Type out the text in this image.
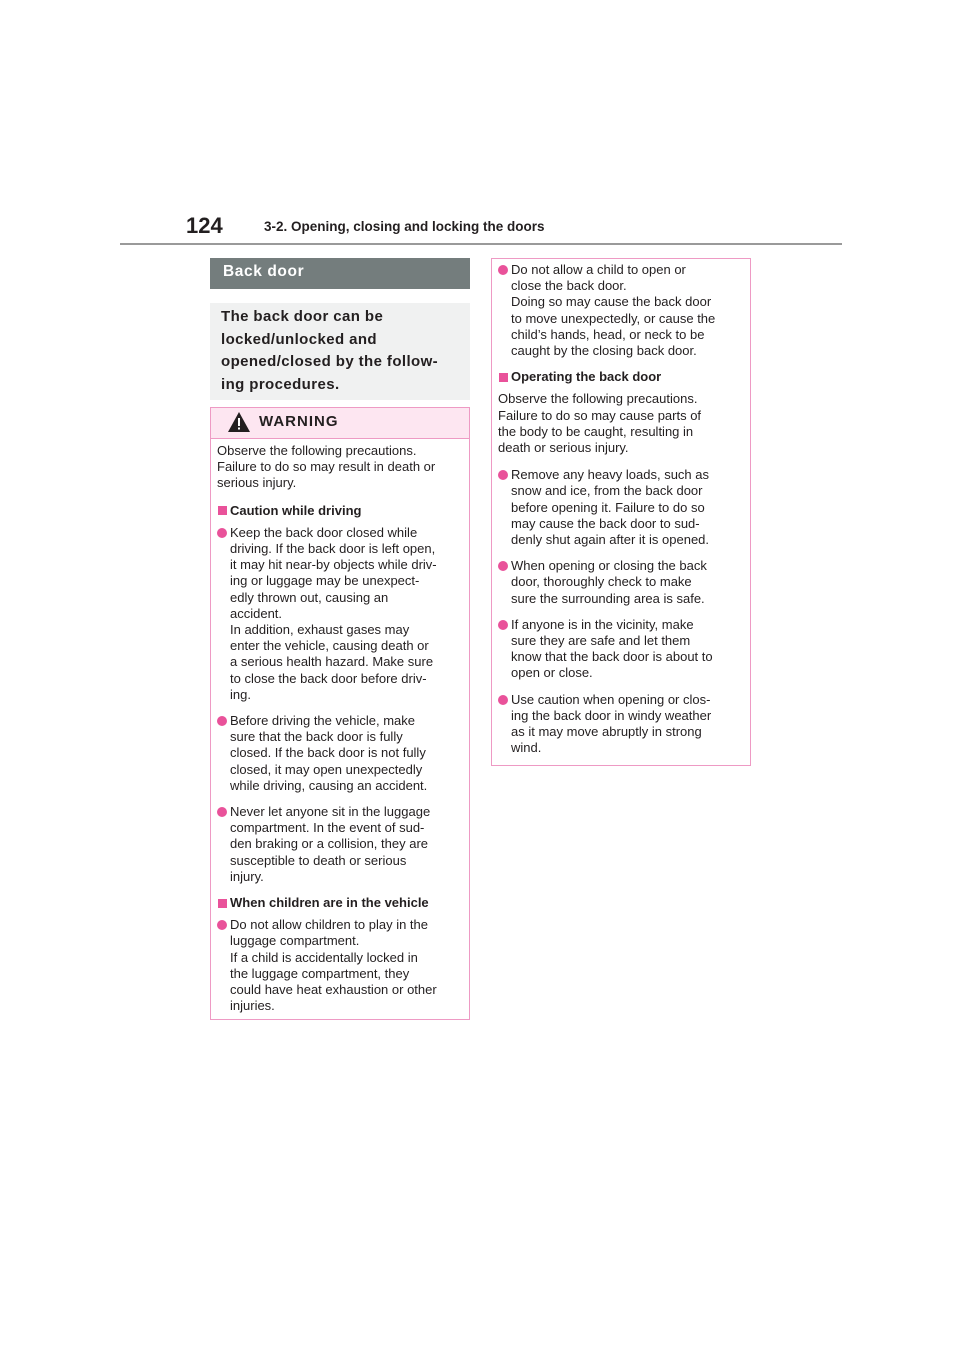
124	3-2. Opening, closing and locking the doors
Back door
The back door can be
locked/unlocked and
opened/closed by the follow-
ing procedures.
WARNING
Observe the following precautions.
Failure to do so may result in death or
serious injury.
Caution while driving
Keep the back door closed while
driving. If the back door is left open,
it may hit near-by objects while driv-
ing or luggage may be unexpect-
edly thrown out, causing an
accident.
In addition, exhaust gases may
enter the vehicle, causing death or
a serious health hazard. Make sure
to close the back door before driv-
ing.
Before driving the vehicle, make
sure that the back door is fully
closed. If the back door is not fully
closed, it may open unexpectedly
while driving, causing an accident.
Never let anyone sit in the luggage
compartment. In the event of sud-
den braking or a collision, they are
susceptible to death or serious
injury.
When children are in the vehicle
Do not allow children to play in the
luggage compartment.
If a child is accidentally locked in
the luggage compartment, they
could have heat exhaustion or other
injuries.
Do not allow a child to open or
close the back door.
Doing so may cause the back door
to move unexpectedly, or cause the
child’s hands, head, or neck to be
caught by the closing back door.
Operating the back door
Observe the following precautions.
Failure to do so may cause parts of
the body to be caught, resulting in
death or serious injury.
Remove any heavy loads, such as
snow and ice, from the back door
before opening it. Failure to do so
may cause the back door to sud-
denly shut again after it is opened.
When opening or closing the back
door, thoroughly check to make
sure the surrounding area is safe.
If anyone is in the vicinity, make
sure they are safe and let them
know that the back door is about to
open or close.
Use caution when opening or clos-
ing the back door in windy weather
as it may move abruptly in strong
wind.
